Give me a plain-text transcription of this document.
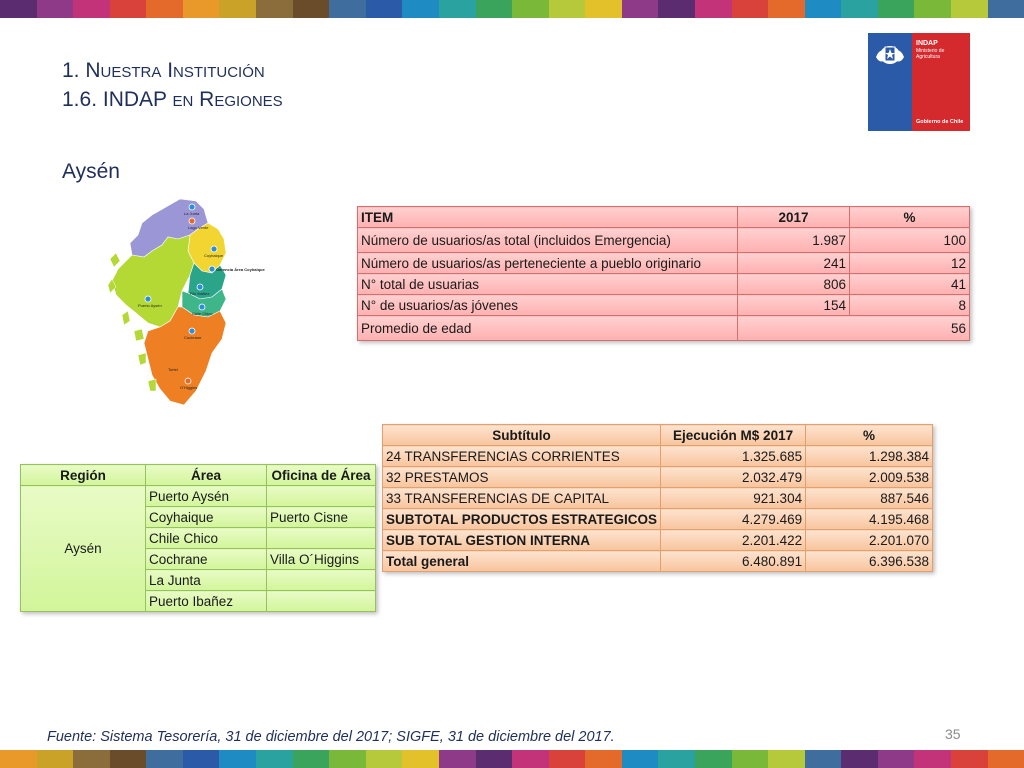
1. Nuestra Institución
1.6. INDAP en Regiones
INDAP
Ministerio de
Agricultura
Gobierno de Chile
Aysén
La Junta
Lago Verde
Coyhaique
Gerencia Área Coyhaique
Río Ibáñez
Chile Chico
Cochrane
O'Higgins
Puerto Aysén
Tortel
ITEM	2017	%
Número de usuarios/as total (incluidos Emergencia)	1.987	100
Número de usuarios/as perteneciente a pueblo originario	241	12
N° total de usuarias	806	41
N° de usuarios/as jóvenes	154	8
Promedio de edad	56	
Subtítulo	Ejecución M$ 2017	%
24 TRANSFERENCIAS CORRIENTES	1.325.685	1.298.384
32 PRESTAMOS	2.032.479	2.009.538
33 TRANSFERENCIAS DE CAPITAL	921.304	887.546
SUBTOTAL PRODUCTOS ESTRATEGICOS	4.279.469	4.195.468
SUB TOTAL GESTION INTERNA	2.201.422	2.201.070
Total general	6.480.891	6.396.538
Región	Área	Oficina de Área
Aysén	Puerto Aysén	
	Coyhaique	Puerto Cisne
	Chile Chico	
	Cochrane	Villa O´Higgins
	La Junta	
	Puerto Ibañez	
Fuente: Sistema Tesorería, 31 de diciembre del 2017; SIGFE, 31 de diciembre del 2017.	35
